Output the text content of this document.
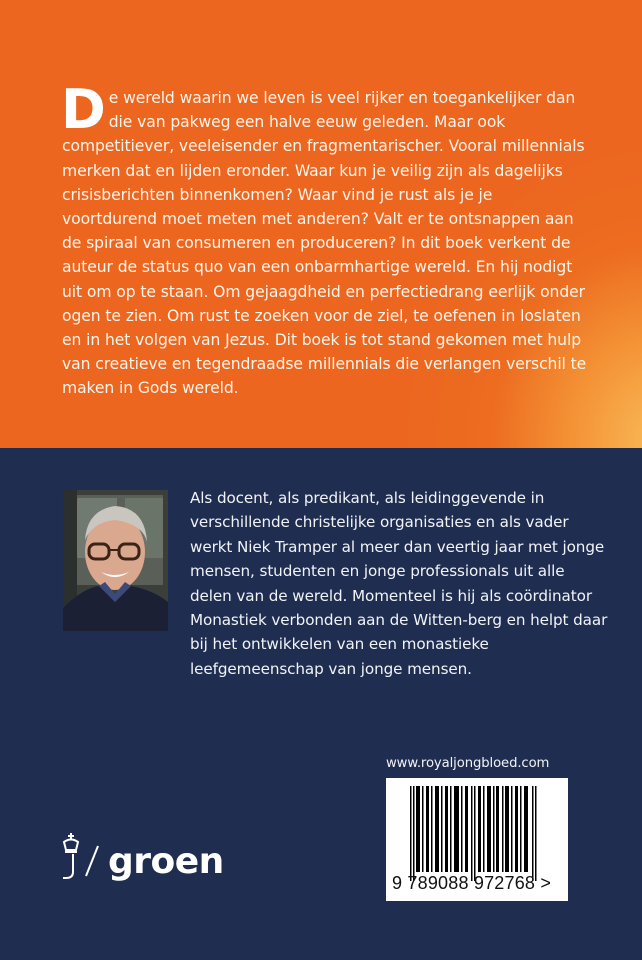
De wereld waarin we leven is veel rijker en toegankelijker dan die van pakweg een halve eeuw geleden. Maar ook competitiever, veeleisender en fragmentarischer. Vooral millennials merken dat en lijden eronder. Waar kun je veilig zijn als dagelijks crisisberichten binnenkomen? Waar vind je rust als je je voortdurend moet meten met anderen? Valt er te ontsnappen aan de spiraal van consumeren en produceren? In dit boek verkent de auteur de status quo van een onbarmhartige wereld. En hij nodigt uit om op te staan. Om gejaagdheid en perfectiedrang eerlijk onder ogen te zien. Om rust te zoeken voor de ziel, te oefenen in loslaten en in het volgen van Jezus. Dit boek is tot stand gekomen met hulp van creatieve en tegendraadse millennials die verlangen verschil te maken in Gods wereld.
Als docent, als predikant, als leidinggevende in verschillende christelijke organisaties en als vader werkt Niek Tramper al meer dan veertig jaar met jonge mensen, studenten en jonge professionals uit alle delen van de wereld. Momenteel is hij als coördinator Monastiek verbonden aan de Witten-berg en helpt daar bij het ontwikkelen van een monastieke leefgemeenschap van jonge mensen.
www.royaljongbloed.com
9 789088 972768 >
groen
